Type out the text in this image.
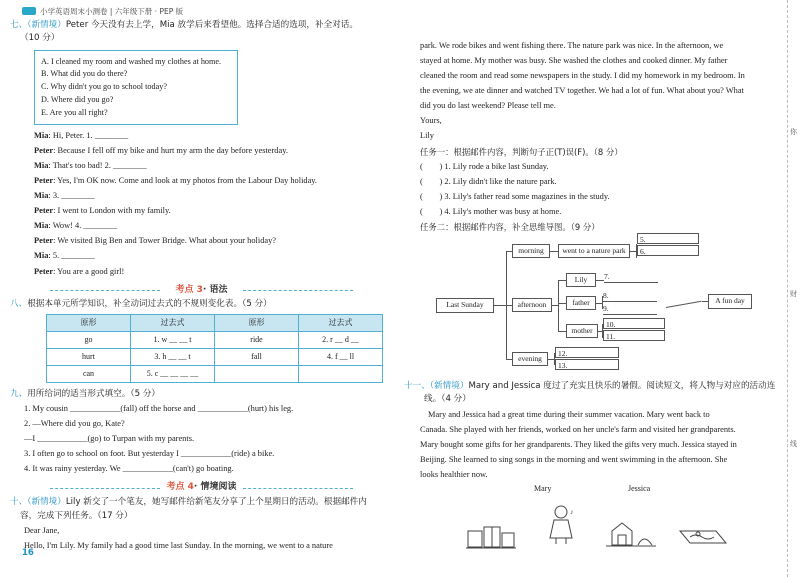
你
财
线
小学英语周末小测卷 | 六年级下册 · PEP 版
七、（新情境）Peter 今天没有去上学，Mia 放学后来看望他。选择合适的选项，补全对话。
（10 分）
A. I cleaned my room and washed my clothes at home.
B. What did you do there?
C. Why didn't you go to school today?
D. Where did you go?
E. Are you all right?
Mia: Hi, Peter. 1. ________
Peter: Because I fell off my bike and hurt my arm the day before yesterday.
Mia: That's too bad! 2. ________
Peter: Yes, I'm OK now. Come and look at my photos from the Labour Day holiday.
Mia: 3. ________
Peter: I went to London with my family.
Mia: Wow! 4. ________
Peter: We visited Big Ben and Tower Bridge. What about your holiday?
Mia: 5. ________
Peter: You are a good girl!
考点 3· 语法
八、根据本单元所学知识，补全动词过去式的不规则变化表。（5 分）
原形	过去式	原形	过去式
go	1. w __ __ t	ride	2. r __ d __
hurt	3. h __ __ t	fall	4. f __ ll
can	5. c __ __ __ __		
九、用所给词的适当形式填空。（5 分）
1. My cousin ____________(fall) off the horse and ____________(hurt) his leg.
2. —Where did you go, Kate?
—I ____________(go) to Turpan with my parents.
3. I often go to school on foot. But yesterday I ____________(ride) a bike.
4. It was rainy yesterday. We ____________(can't) go boating.
考点 4· 情境阅读
十、（新情境）Lily 新交了一个笔友，她写邮件给新笔友分享了上个星期日的活动。根据邮件内
容，完成下列任务。（17 分）
Dear Jane,
Hello, I'm Lily. My family had a good time last Sunday. In the morning, we went to a nature
16
park. We rode bikes and went fishing there. The nature park was nice. In the afternoon, we
stayed at home. My mother was busy. She washed the clothes and cooked dinner. My father
cleaned the room and read some newspapers in the study. I did my homework in my bedroom. In
the evening, we ate dinner and watched TV together. We had a lot of fun. What about you? What
did you do last weekend? Please tell me.
Yours,
Lily
任务一：根据邮件内容，判断句子正(T)误(F)。（8 分）
(　　) 1. Lily rode a bike last Sunday.
(　　) 2. Lily didn't like the nature park.
(　　) 3. Lily's father read some magazines in the study.
(　　) 4. Lily's mother was busy at home.
任务二：根据邮件内容，补全思维导图。（9 分）
Last Sunday
morning
afternoon
evening
went to a nature park
Lily
father
mother
A fun day
5.
6.
7.
8.
9.
10.
11.
12.
13.
十一、（新情境）Mary and Jessica 度过了充实且快乐的暑假。阅读短文，将人物与对应的活动连
线。（4 分）
Mary and Jessica had a great time during their summer vacation. Mary went back to
Canada. She played with her friends, worked on her uncle's farm and visited her grandparents.
Mary bought some gifts for her grandparents. They liked the gifts very much. Jessica stayed in
Beijing. She learned to sing songs in the morning and went swimming in the afternoon. She
looks healthier now.
Mary	Jessica
♪
